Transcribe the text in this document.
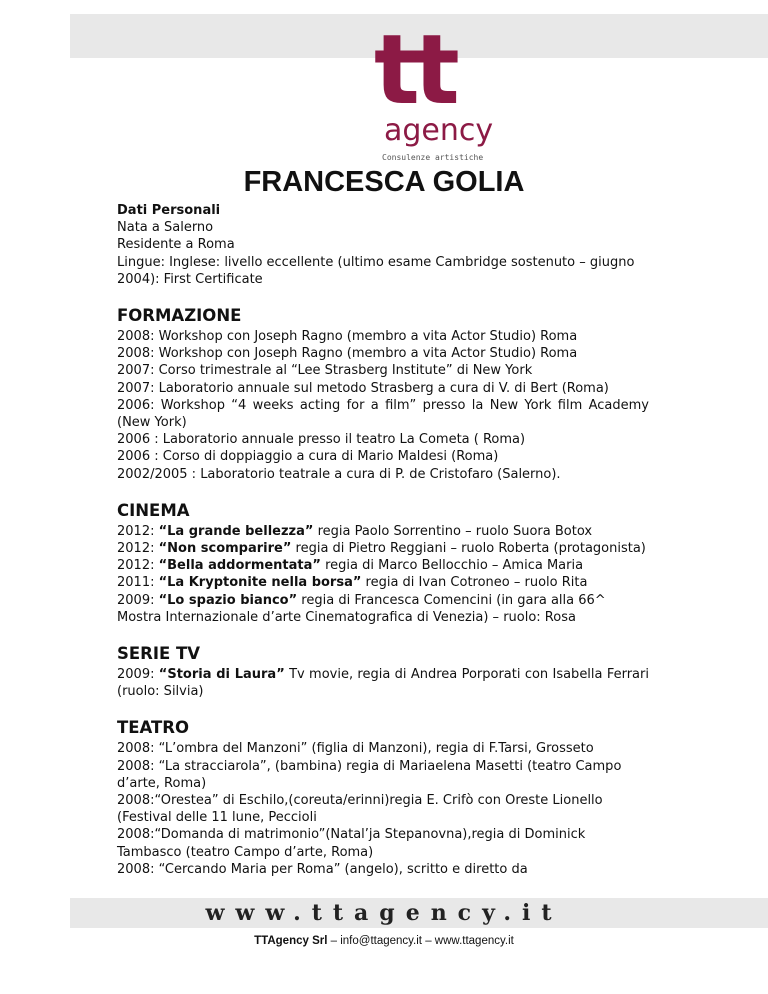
tt
agency
Consulenze artistiche
FRANCESCA GOLIA
Dati Personali
Nata a Salerno
Residente a Roma
Lingue: Inglese: livello eccellente (ultimo esame Cambridge sostenuto – giugno 2004): First Certificate
FORMAZIONE
2008: Workshop con Joseph Ragno (membro a vita Actor Studio) Roma
2008: Workshop con Joseph Ragno (membro a vita Actor Studio) Roma
2007: Corso trimestrale al “Lee Strasberg Institute” di New York
2007: Laboratorio annuale sul metodo Strasberg a cura di V. di Bert (Roma)
2006: Workshop “4 weeks acting for a film” presso la New York film Academy (New York)
2006 : Laboratorio annuale presso il teatro La Cometa ( Roma)
2006 : Corso di doppiaggio a cura di Mario Maldesi (Roma)
2002/2005 : Laboratorio teatrale a cura di P. de Cristofaro (Salerno).
CINEMA
2012: “La grande bellezza” regia Paolo Sorrentino – ruolo Suora Botox
2012: “Non scomparire” regia di Pietro Reggiani – ruolo Roberta (protagonista)
2012: “Bella addormentata” regia di Marco Bellocchio – Amica Maria
2011: “La Kryptonite nella borsa” regia di Ivan Cotroneo – ruolo Rita
2009: “Lo spazio bianco” regia di Francesca Comencini (in gara alla 66^ Mostra Internazionale d’arte Cinematografica di Venezia) – ruolo: Rosa
SERIE TV
2009: “Storia di Laura” Tv movie, regia di Andrea Porporati con Isabella Ferrari (ruolo: Silvia)
TEATRO
2008: “L’ombra del Manzoni” (figlia di Manzoni), regia di F.Tarsi, Grosseto
2008: “La stracciarola”, (bambina) regia di Mariaelena Masetti (teatro Campo d’arte, Roma)
2008:“Orestea” di Eschilo,(coreuta/erinni)regia E. Crifò con Oreste Lionello (Festival delle 11 lune, Peccioli
2008:“Domanda di matrimonio”(Natal’ja Stepanovna),regia di Dominick Tambasco (teatro Campo d’arte, Roma)
2008: “Cercando Maria per Roma” (angelo), scritto e diretto da
www.ttagency.it
TTAgency Srl – info@ttagency.it – www.ttagency.it
